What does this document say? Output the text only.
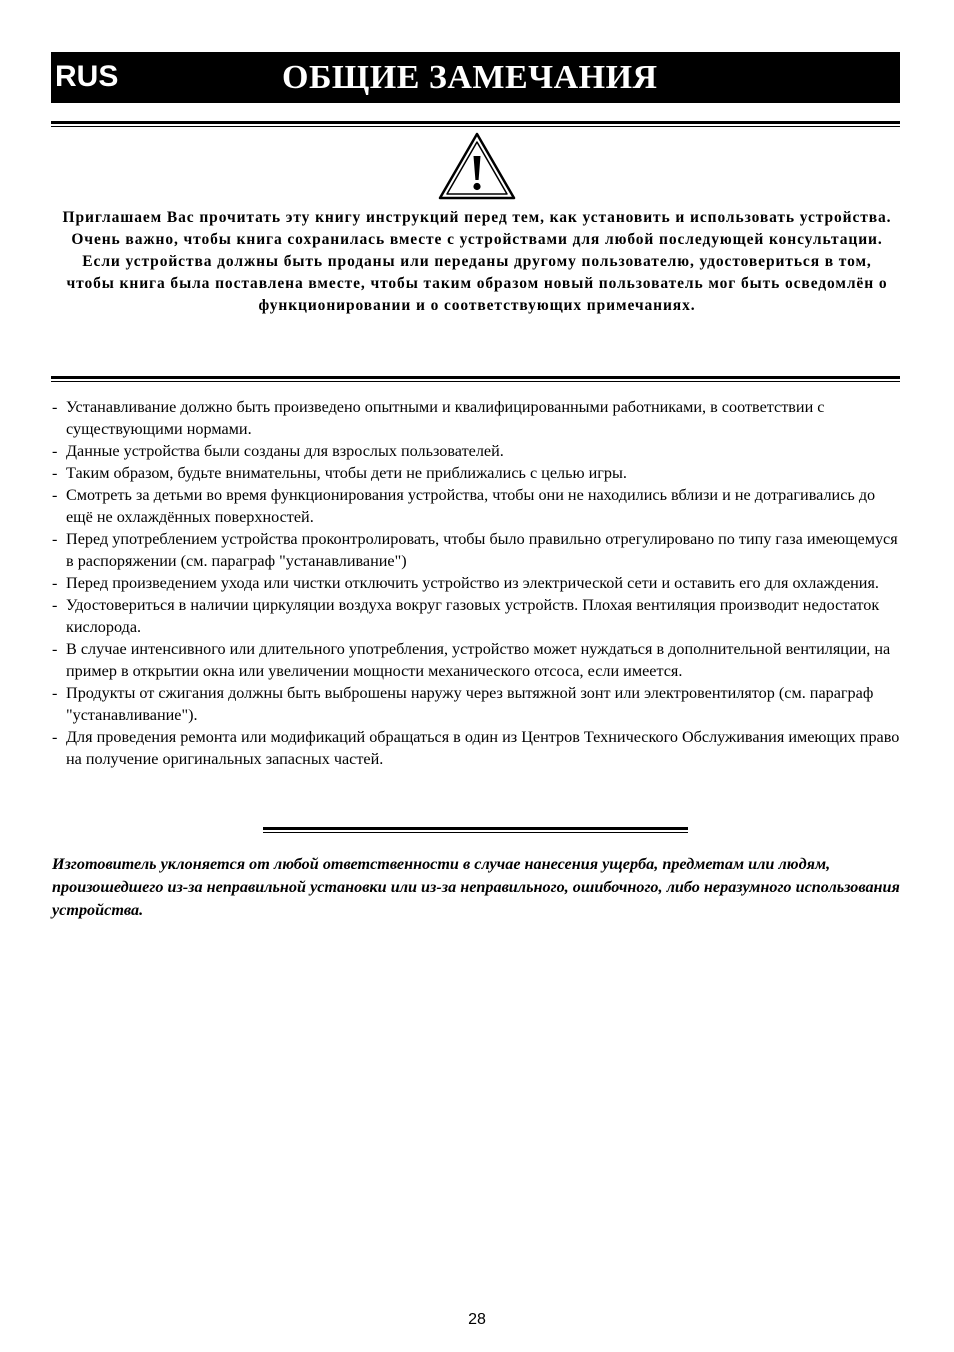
RUS	ОБЩИЕ ЗАМЕЧАНИЯ

Приглашаем Вас прочитать эту книгу инструкций перед тем, как установить и использовать устройства.

Очень важно, чтобы книга сохранилась вместе с устройствами для любой последующей консультации. Если устройства должны быть проданы или переданы другому пользователю, удостовериться в том, чтобы книга была поставлена вместе, чтобы таким образом новый пользователь мог быть осведомлён о функционировании и о соответствующих примечаниях.

- Устанавливание должно быть произведено опытными и квалифицированными работниками, в соответствии с существующими нормами.
- Данные устройства были созданы для взрослых пользователей.
- Таким образом, будьте внимательны, чтобы дети не приближались с целью игры.
- Смотреть за детьми во время функционирования устройства, чтобы они не находились вблизи и не дотрагивались до ещё не охлаждённых поверхностей.
- Перед употреблением устройства проконтролировать, чтобы было правильно отрегулировано по типу газа имеющемуся в распоряжении (см. параграф "устанавливание")
- Перед произведением ухода или чистки отключить устройство из электрической сети и оставить его для охлаждения.
- Удостовериться в наличии циркуляции воздуха вокруг газовых устройств. Плохая вентиляция производит недостаток кислорода.
- В случае интенсивного или длительного употребления, устройство может нуждаться в дополнительной вентиляции, на пример в открытии окна или увеличении мощности механического отсоса, если имеется.
- Продукты от сжигания должны быть выброшены наружу через вытяжной зонт или электровентилятор (см. параграф "устанавливание").
- Для проведения ремонта или модификаций обращаться в один из Центров Технического Обслуживания имеющих право на получение оригинальных запасных частей.

Изготовитель уклоняется от любой ответственности в случае нанесения ущерба, предметам или людям, произошедшего из-за неправильной установки или из-за неправильного, ошибочного, либо неразумного использования устройства.

28
